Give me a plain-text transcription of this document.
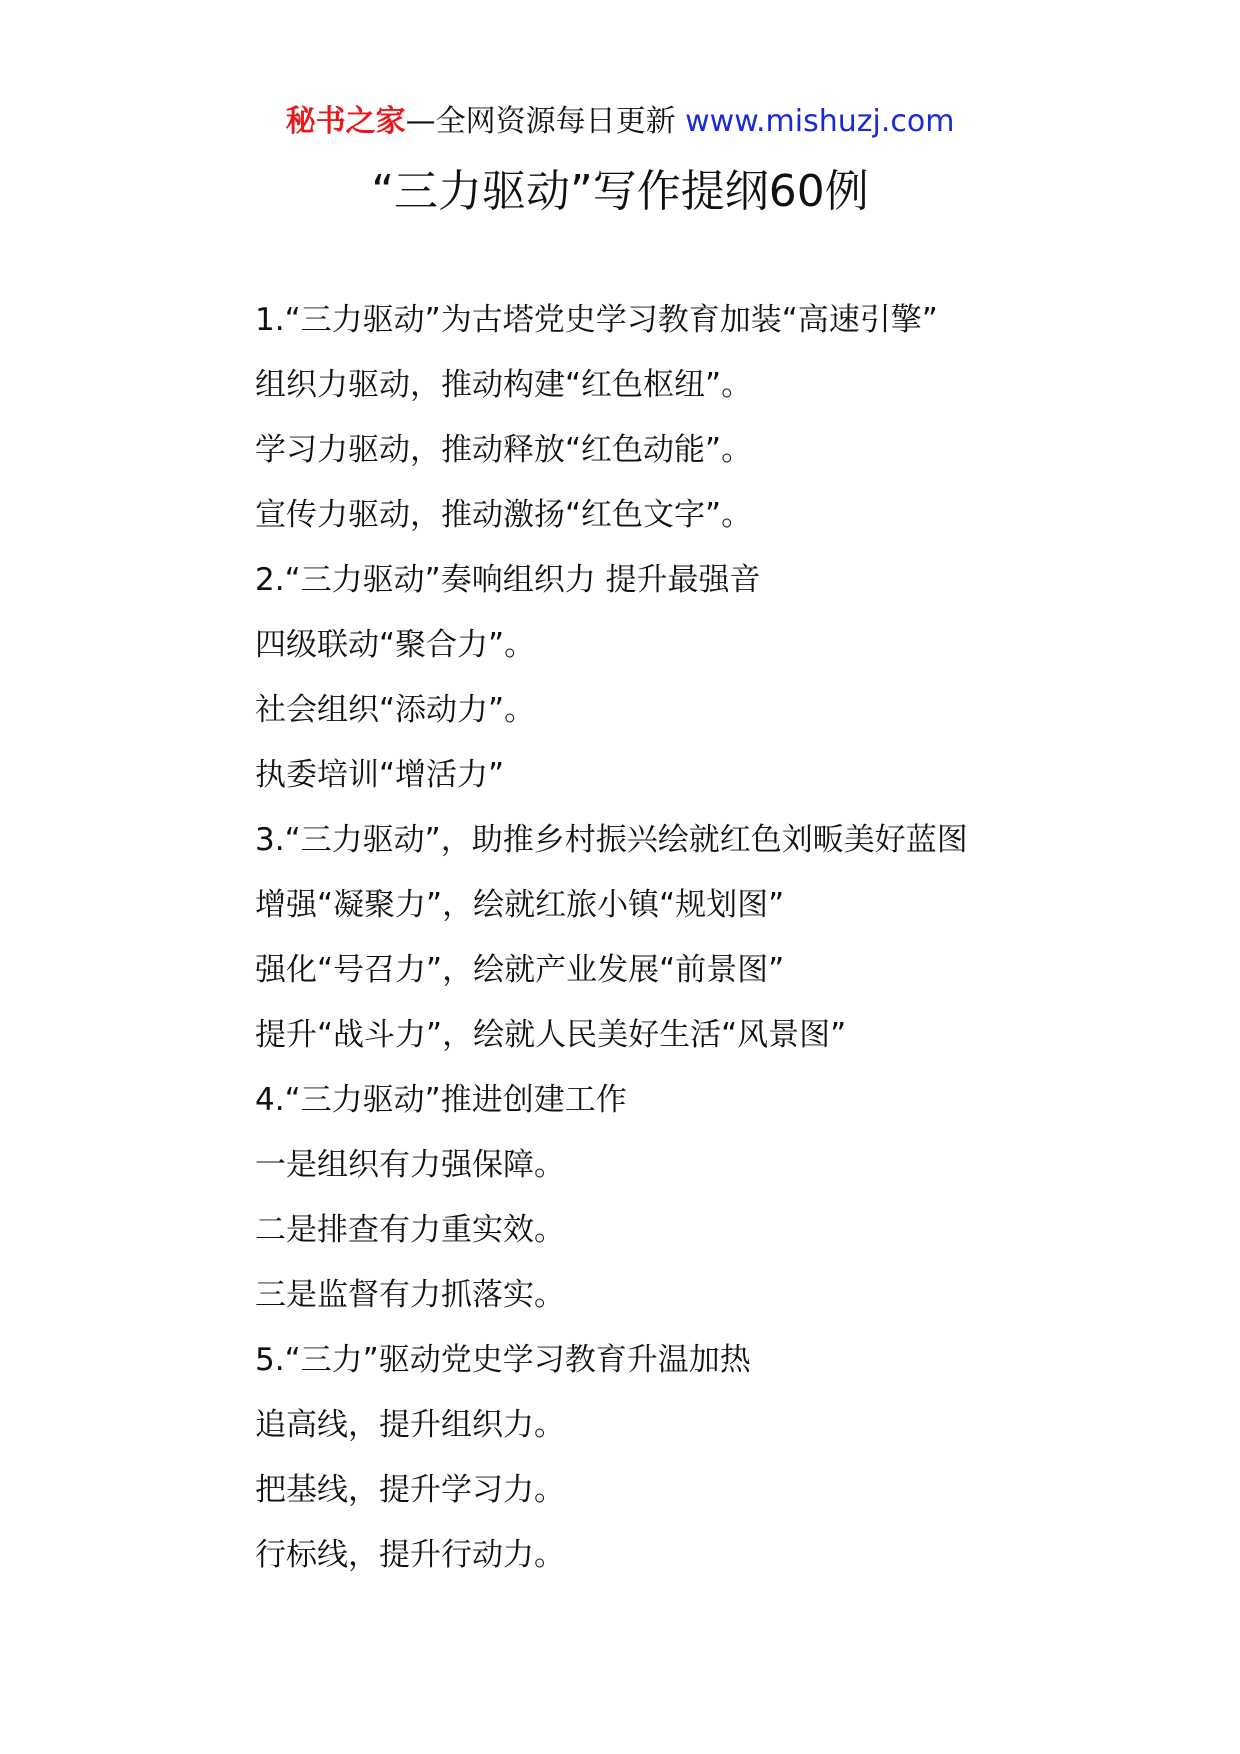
秘书之家—全网资源每日更新 www.mishuzj.com
“三力驱动”写作提纲60例
1.“三力驱动”为古塔党史学习教育加装“高速引擎”
组织力驱动，推动构建“红色枢纽”。
学习力驱动，推动释放“红色动能”。
宣传力驱动，推动激扬“红色文字”。
2.“三力驱动”奏响组织力 提升最强音
四级联动“聚合力”。
社会组织“添动力”。
执委培训“增活力”
3.“三力驱动”，助推乡村振兴绘就红色刘畈美好蓝图
增强“凝聚力”，绘就红旅小镇“规划图”
强化“号召力”，绘就产业发展“前景图”
提升“战斗力”，绘就人民美好生活“风景图”
4.“三力驱动”推进创建工作
一是组织有力强保障。
二是排查有力重实效。
三是监督有力抓落实。
5.“三力”驱动党史学习教育升温加热
追高线，提升组织力。
把基线，提升学习力。
行标线，提升行动力。
